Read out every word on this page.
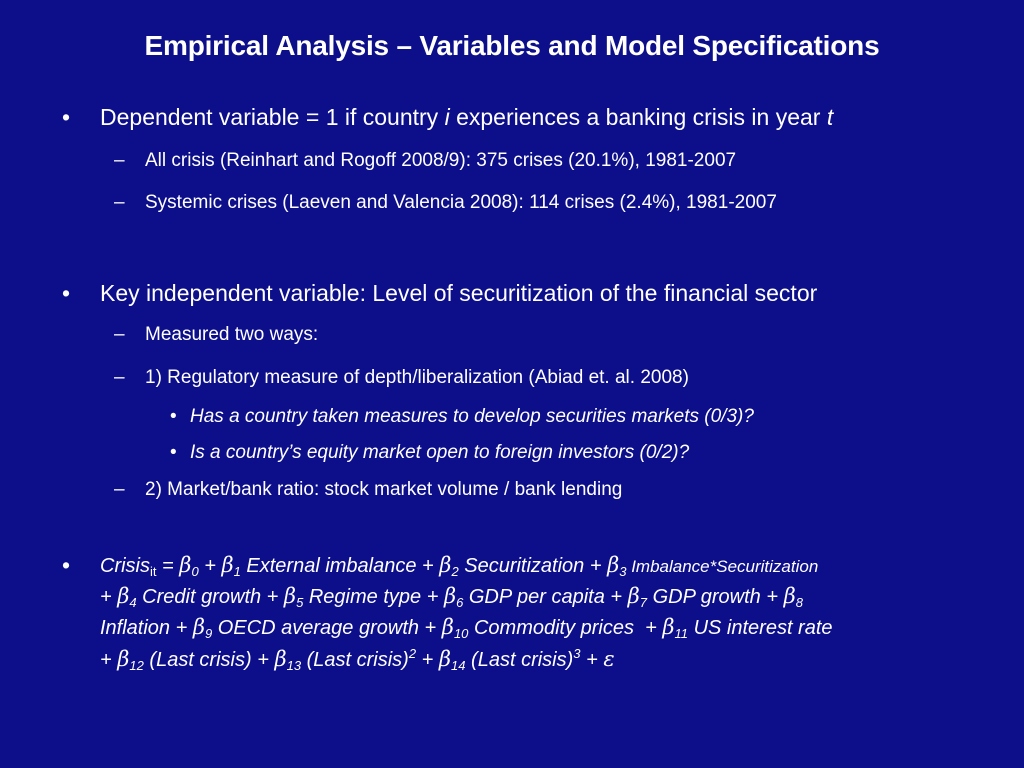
Empirical Analysis – Variables and Model Specifications
• Dependent variable = 1 if country i experiences a banking crisis in year t
– All crisis (Reinhart and Rogoff 2008/9): 375 crises (20.1%), 1981-2007
– Systemic crises (Laeven and Valencia 2008): 114 crises (2.4%), 1981-2007
• Key independent variable: Level of securitization of the financial sector
– Measured two ways:
– 1) Regulatory measure of depth/liberalization (Abiad et. al. 2008)
• Has a country taken measures to develop securities markets (0/3)?
• Is a country’s equity market open to foreign investors (0/2)?
– 2) Market/bank ratio: stock market volume / bank lending
• Crisis$_{it}$ = $\beta_0 + \beta_1$ External imbalance + $\beta_2$ Securitization + $\beta_3$ Imbalance*Securitization
+ $\beta_4$ Credit growth + $\beta_5$ Regime type + $\beta_6$ GDP per capita + $\beta_7$ GDP growth + $\beta_8$
Inflation + $\beta_9$ OECD average growth + $\beta_{10}$ Commodity prices  + $\beta_{11}$ US interest rate
+ $\beta_{12}$ (Last crisis) + $\beta_{13}$ (Last crisis)$^2$ + $\beta_{14}$ (Last crisis)$^3$ + ε
